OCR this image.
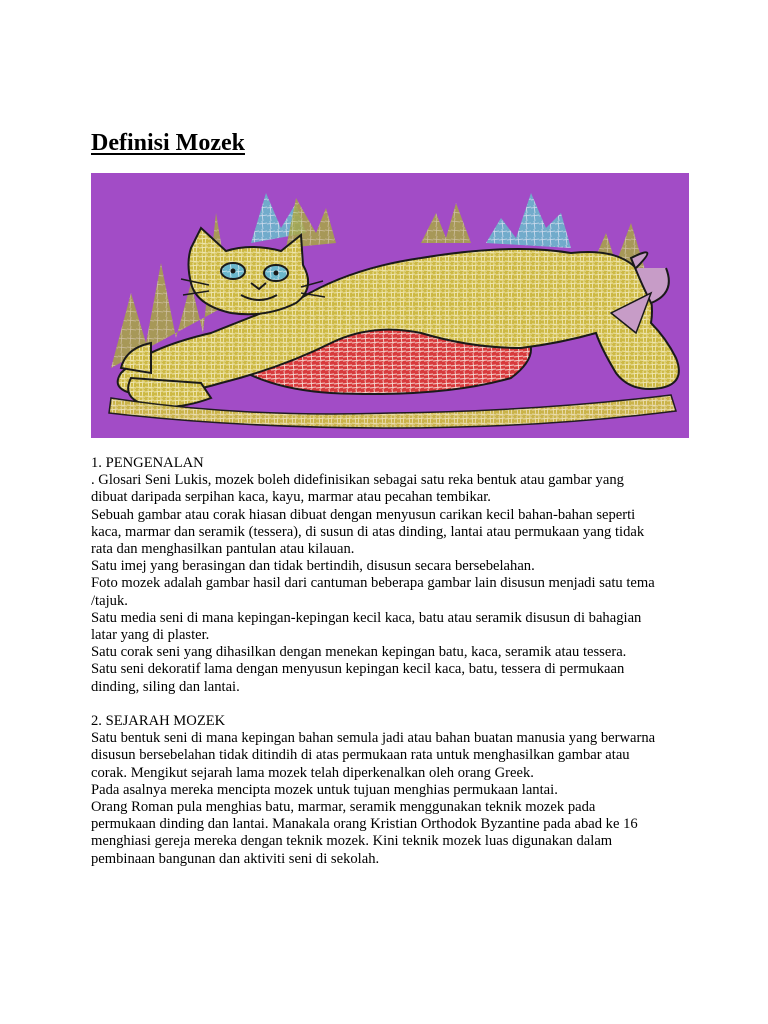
Definisi Mozek

1. PENGENALAN

. Glosari Seni Lukis, mozek boleh didefinisikan sebagai satu reka bentuk atau gambar yang

dibuat daripada serpihan kaca, kayu, marmar atau pecahan tembikar.

Sebuah gambar atau corak hiasan dibuat dengan menyusun carikan kecil bahan-bahan seperti

kaca, marmar dan seramik (tessera), di susun di atas dinding, lantai atau permukaan yang tidak

rata dan menghasilkan pantulan atau kilauan.

Satu imej yang berasingan dan tidak bertindih, disusun secara bersebelahan.

Foto mozek adalah gambar hasil dari cantuman beberapa gambar lain disusun menjadi satu tema

/tajuk.

Satu media seni di mana kepingan-kepingan kecil kaca, batu atau seramik disusun di bahagian

latar yang di plaster.

Satu corak seni yang dihasilkan dengan menekan kepingan batu, kaca, seramik atau tessera.

Satu seni dekoratif lama dengan menyusun kepingan kecil kaca, batu, tessera di permukaan

dinding, siling dan lantai.

2. SEJARAH MOZEK

Satu bentuk seni di mana kepingan bahan semula jadi atau bahan buatan manusia yang berwarna

disusun bersebelahan tidak ditindih di atas permukaan rata untuk menghasilkan gambar atau

corak. Mengikut sejarah lama mozek telah diperkenalkan oleh orang Greek.

Pada asalnya mereka mencipta mozek untuk tujuan menghias permukaan lantai.

Orang Roman pula menghias batu, marmar, seramik menggunakan teknik mozek pada

permukaan dinding dan lantai. Manakala orang Kristian Orthodok Byzantine pada abad ke 16

menghiasi gereja mereka dengan teknik mozek. Kini teknik mozek luas digunakan dalam

pembinaan bangunan dan aktiviti seni di sekolah.
